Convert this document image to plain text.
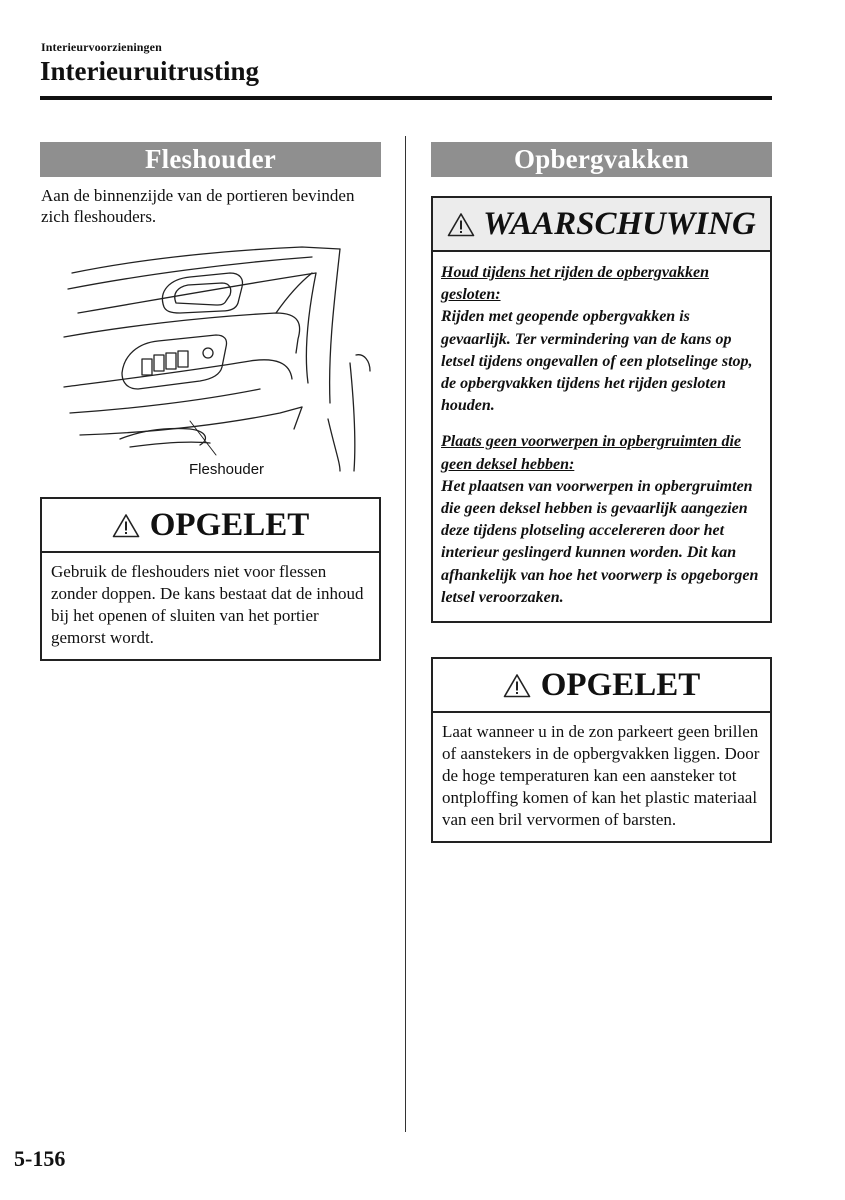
Interieurvoorzieningen
Interieuruitrusting
Fleshouder
Aan de binnenzijde van de portieren bevinden zich fleshouders.
Fleshouder
OPGELET
Gebruik de fleshouders niet voor flessen zonder doppen. De kans bestaat dat de inhoud bij het openen of sluiten van het portier gemorst wordt.
Opbergvakken
WAARSCHUWING

Houd tijdens het rijden de opbergvakken gesloten:
Rijden met geopende opbergvakken is gevaarlijk. Ter vermindering van de kans op letsel tijdens ongevallen of een plotselinge stop, de opbergvakken tijdens het rijden gesloten houden.

Plaats geen voorwerpen in opbergruimten die geen deksel hebben:
Het plaatsen van voorwerpen in opbergruimten die geen deksel hebben is gevaarlijk aangezien deze tijdens plotseling accelereren door het interieur geslingerd kunnen worden. Dit kan afhankelijk van hoe het voorwerp is opgeborgen letsel veroorzaken.

OPGELET
Laat wanneer u in de zon parkeert geen brillen of aanstekers in de opbergvakken liggen. Door de hoge temperaturen kan een aansteker tot ontploffing komen of kan het plastic materiaal van een bril vervormen of barsten.
5-156
